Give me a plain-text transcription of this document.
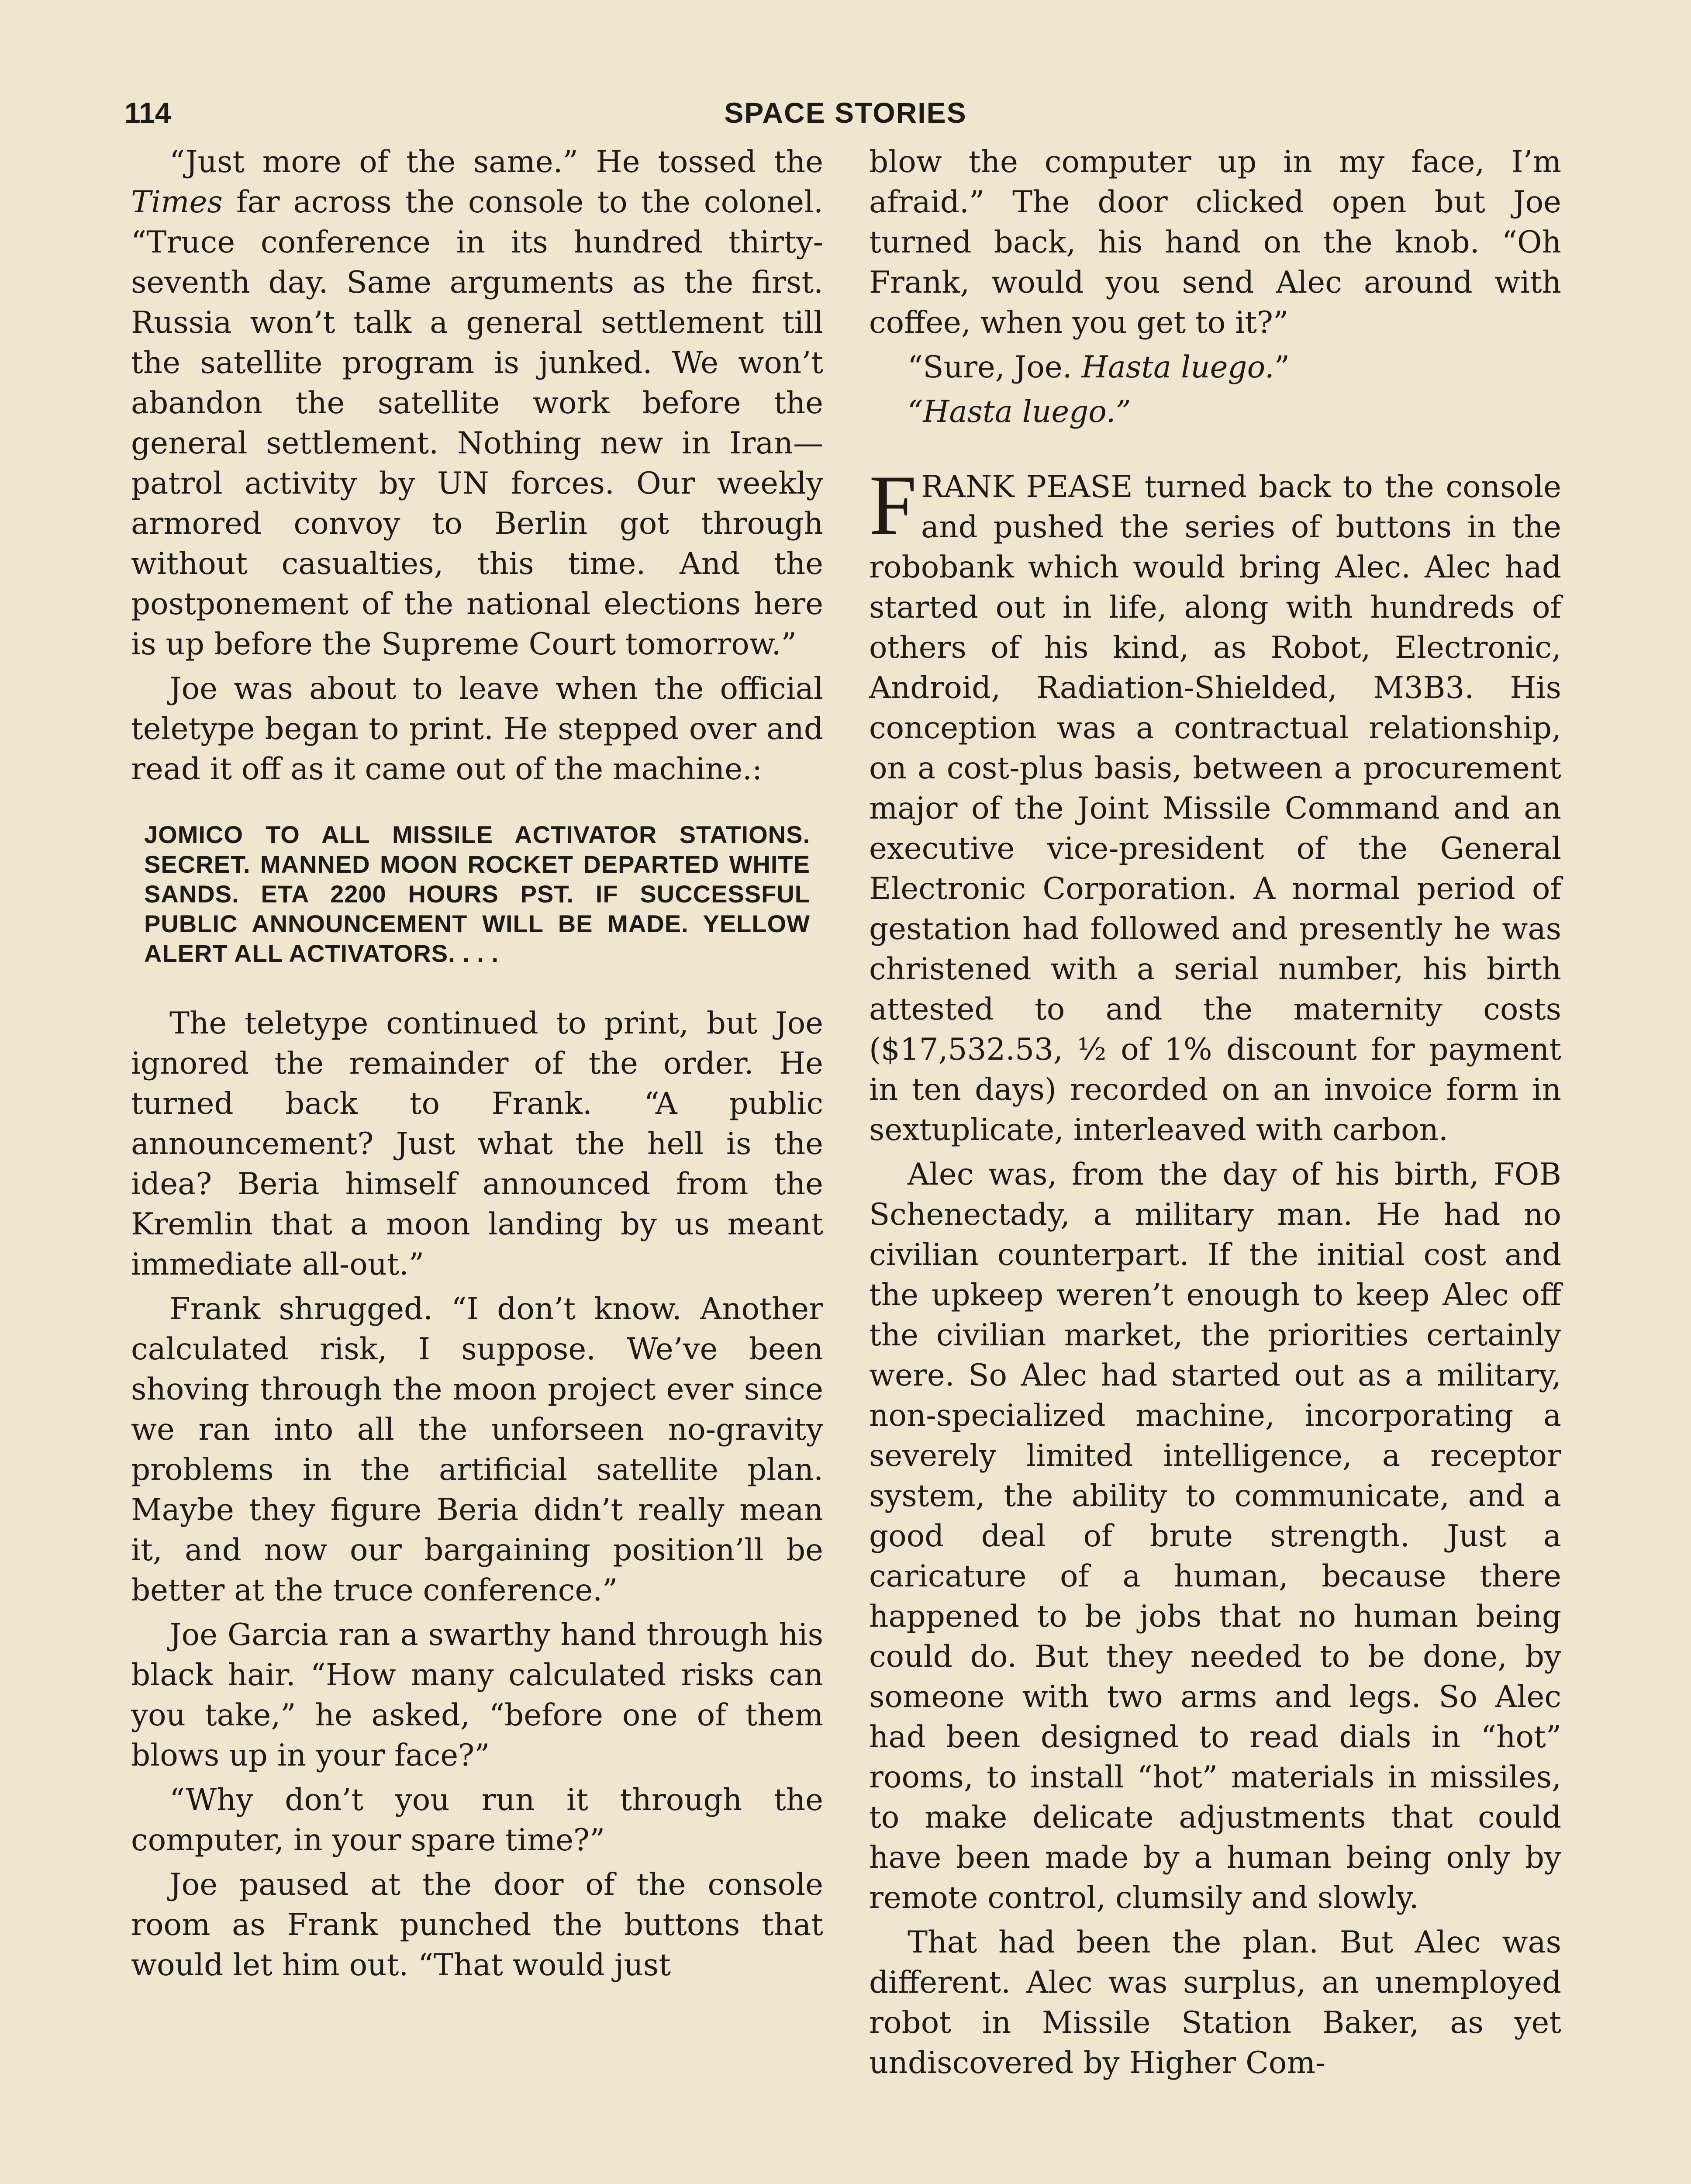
114	SPACE STORIES

“Just more of the same.” He tossed the Times far across the console to the colonel. “Truce conference in its hundred thirty-seventh day. Same arguments as the first. Russia won’t talk a general settlement till the satellite program is junked. We won’t abandon the satellite work before the general settlement. Nothing new in Iran—patrol activity by UN forces. Our weekly armored convoy to Berlin got through without casualties, this time. And the postponement of the national elections here is up before the Supreme Court tomorrow.”

Joe was about to leave when the official teletype began to print. He stepped over and read it off as it came out of the machine.:

JOMICO TO ALL MISSILE ACTIVATOR STATIONS. SECRET. MANNED MOON ROCKET DEPARTED WHITE SANDS. ETA 2200 HOURS PST. IF SUCCESSFUL PUBLIC ANNOUNCEMENT WILL BE MADE. YELLOW ALERT ALL ACTIVATORS. . . .

The teletype continued to print, but Joe ignored the remainder of the order. He turned back to Frank. “A public announcement? Just what the hell is the idea? Beria himself announced from the Kremlin that a moon landing by us meant immediate all-out.”

Frank shrugged. “I don’t know. Another calculated risk, I suppose. We’ve been shoving through the moon project ever since we ran into all the unforseen no-gravity problems in the artificial satellite plan. Maybe they figure Beria didn’t really mean it, and now our bargaining position’ll be better at the truce conference.”

Joe Garcia ran a swarthy hand through his black hair. “How many calculated risks can you take,” he asked, “before one of them blows up in your face?”

“Why don’t you run it through the computer, in your spare time?”

Joe paused at the door of the console room as Frank punched the buttons that would let him out. “That would just

blow the computer up in my face, I’m afraid.” The door clicked open but Joe turned back, his hand on the knob. “Oh Frank, would you send Alec around with coffee, when you get to it?”

“Sure, Joe. Hasta luego.”

“Hasta luego.”

FRANK PEASE turned back to the console and pushed the series of buttons in the robobank which would bring Alec. Alec had started out in life, along with hundreds of others of his kind, as Robot, Electronic, Android, Radiation-Shielded, M3B3. His conception was a contractual relationship, on a cost-plus basis, between a procurement major of the Joint Missile Command and an executive vice-president of the General Electronic Corporation. A normal period of gestation had followed and presently he was christened with a serial number, his birth attested to and the maternity costs ($17,532.53, ½ of 1% discount for payment in ten days) recorded on an invoice form in sextuplicate, interleaved with carbon.

Alec was, from the day of his birth, FOB Schenectady, a military man. He had no civilian counterpart. If the initial cost and the upkeep weren’t enough to keep Alec off the civilian market, the priorities certainly were. So Alec had started out as a military, non-specialized machine, incorporating a severely limited intelligence, a receptor system, the ability to communicate, and a good deal of brute strength. Just a caricature of a human, because there happened to be jobs that no human being could do. But they needed to be done, by someone with two arms and legs. So Alec had been designed to read dials in “hot” rooms, to install “hot” materials in missiles, to make delicate adjustments that could have been made by a human being only by remote control, clumsily and slowly.

That had been the plan. But Alec was different. Alec was surplus, an unemployed robot in Missile Station Baker, as yet undiscovered by Higher Com-
